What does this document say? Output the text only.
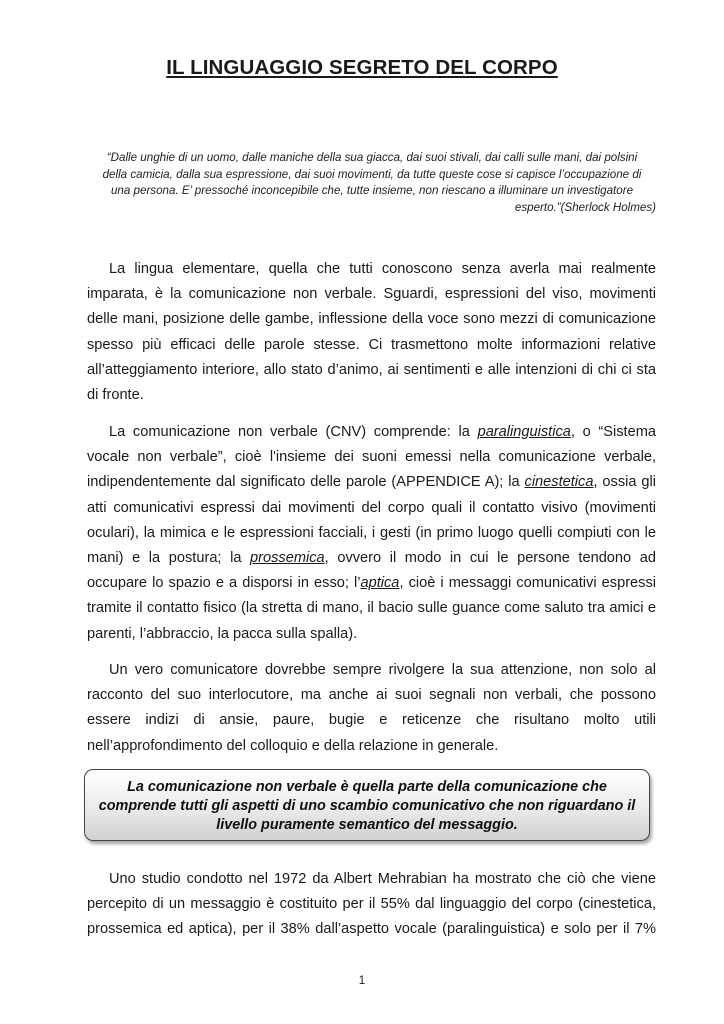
IL LINGUAGGIO SEGRETO DEL CORPO
“Dalle unghie di un uomo, dalle maniche della sua giacca, dai suoi stivali, dai calli sulle mani, dai polsini
della camicia, dalla sua espressione, dai suoi movimenti, da tutte queste cose si capisce l’occupazione di
una persona. E’ pressoché inconcepibile che, tutte insieme, non riescano a illuminare un investigatore
esperto.”(Sherlock Holmes)
La lingua elementare, quella che tutti conoscono senza averla mai realmente
imparata, è la comunicazione non verbale. Sguardi, espressioni del viso, movimenti
delle mani, posizione delle gambe, inflessione della voce sono mezzi di comunicazione
spesso più efficaci delle parole stesse. Ci trasmettono molte informazioni relative
all’atteggiamento interiore, allo stato d’animo, ai sentimenti e alle intenzioni di chi ci sta
di fronte.
La comunicazione non verbale (CNV) comprende: la paralinguistica, o “Sistema
vocale non verbale”, cioè l'insieme dei suoni emessi nella comunicazione verbale,
indipendentemente dal significato delle parole (APPENDICE A); la cinestetica, ossia gli
atti comunicativi espressi dai movimenti del corpo quali il contatto visivo (movimenti
oculari), la mimica e le espressioni facciali, i gesti (in primo luogo quelli compiuti con le
mani) e la postura; la prossemica, ovvero il modo in cui le persone tendono ad
occupare lo spazio e a disporsi in esso; l’aptica, cioè i messaggi comunicativi espressi
tramite il contatto fisico (la stretta di mano, il bacio sulle guance come saluto tra amici e
parenti, l’abbraccio, la pacca sulla spalla).
Un vero comunicatore dovrebbe sempre rivolgere la sua attenzione, non solo al
racconto del suo interlocutore, ma anche ai suoi segnali non verbali, che possono
essere indizi di ansie, paure, bugie e reticenze che risultano molto utili
nell’approfondimento del colloquio e della relazione in generale.
La comunicazione non verbale è quella parte della comunicazione che
comprende tutti gli aspetti di uno scambio comunicativo che non riguardano il
livello puramente semantico del messaggio.
Uno studio condotto nel 1972 da Albert Mehrabian ha mostrato che ciò che viene
percepito di un messaggio è costituito per il 55% dal linguaggio del corpo (cinestetica,
prossemica ed aptica), per il 38% dall’aspetto vocale (paralinguistica) e solo per il 7%
1
